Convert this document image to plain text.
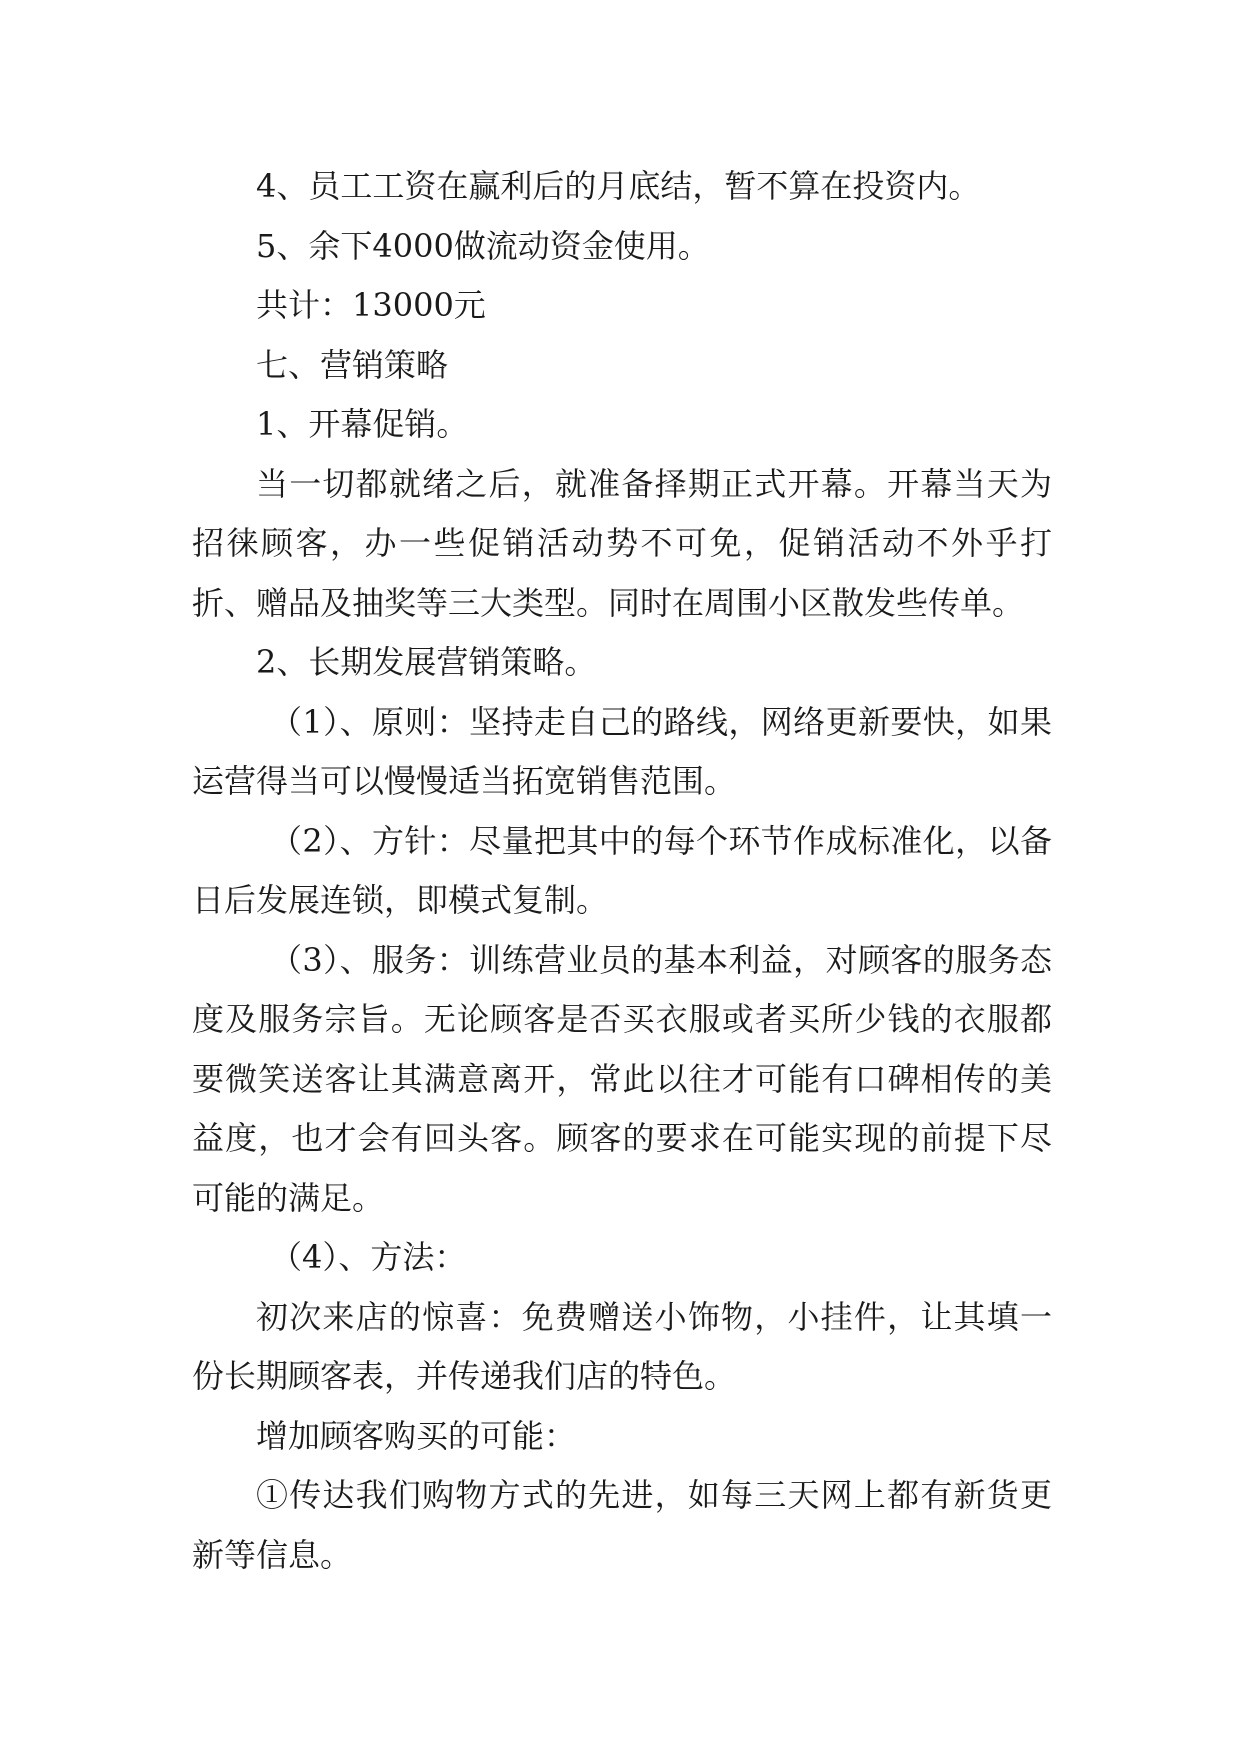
4、员工工资在赢利后的月底结，暂不算在投资内。

5、余下4000做流动资金使用。

共计：13000元

七、营销策略

1、开幕促销。

当一切都就绪之后，就准备择期正式开幕。开幕当天为招徕顾客，办一些促销活动势不可免，促销活动不外乎打折、赠品及抽奖等三大类型。同时在周围小区散发些传单。

2、长期发展营销策略。

（1）、原则：坚持走自己的路线，网络更新要快，如果运营得当可以慢慢适当拓宽销售范围。

（2）、方针：尽量把其中的每个环节作成标准化，以备日后发展连锁，即模式复制。

（3）、服务：训练营业员的基本利益，对顾客的服务态度及服务宗旨。无论顾客是否买衣服或者买所少钱的衣服都要微笑送客让其满意离开，常此以往才可能有口碑相传的美益度，也才会有回头客。顾客的要求在可能实现的前提下尽可能的满足。

（4）、方法：

初次来店的惊喜：免费赠送小饰物，小挂件，让其填一份长期顾客表，并传递我们店的特色。

增加顾客购买的可能：

①传达我们购物方式的先进，如每三天网上都有新货更新等信息。
